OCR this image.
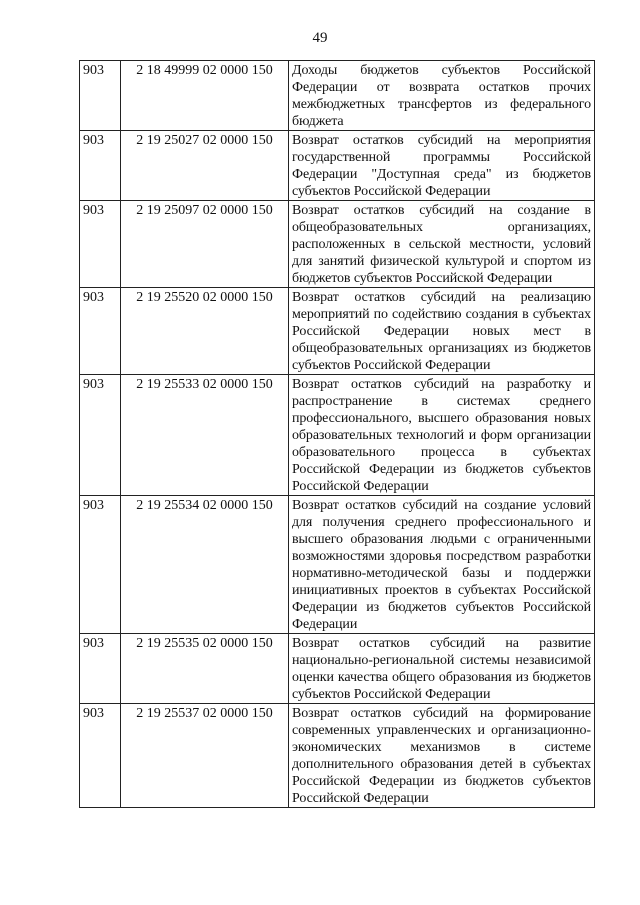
49
903	2 18 49999 02 0000 150	Доходы бюджетов субъектов Российской Федерации от возврата остатков прочих межбюджетных трансфертов из федерального бюджета
903	2 19 25027 02 0000 150	Возврат остатков субсидий на мероприятия государственной программы Российской Федерации "Доступная среда" из бюджетов субъектов Российской Федерации
903	2 19 25097 02 0000 150	Возврат остатков субсидий на создание в общеобразовательных организациях, расположенных в сельской местности, условий для занятий физической культурой и спортом из бюджетов субъектов Российской Федерации
903	2 19 25520 02 0000 150	Возврат остатков субсидий на реализацию мероприятий по содействию создания в субъектах Российской Федерации новых мест в общеобразовательных организациях из бюджетов субъектов Российской Федерации
903	2 19 25533 02 0000 150	Возврат остатков субсидий на разработку и распространение в системах среднего профессионального, высшего образования новых образовательных технологий и форм организации образовательного процесса в субъектах Российской Федерации из бюджетов субъектов Российской Федерации
903	2 19 25534 02 0000 150	Возврат остатков субсидий на создание условий для получения среднего профессионального и высшего образования людьми с ограниченными возможностями здоровья посредством разработки нормативно-методической базы и поддержки инициативных проектов в субъектах Российской Федерации из бюджетов субъектов Российской Федерации
903	2 19 25535 02 0000 150	Возврат остатков субсидий на развитие национально-региональной системы независимой оценки качества общего образования из бюджетов субъектов Российской Федерации
903	2 19 25537 02 0000 150	Возврат остатков субсидий на формирование современных управленческих и организационно-экономических механизмов в системе дополнительного образования детей в субъектах Российской Федерации из бюджетов субъектов Российской Федерации
